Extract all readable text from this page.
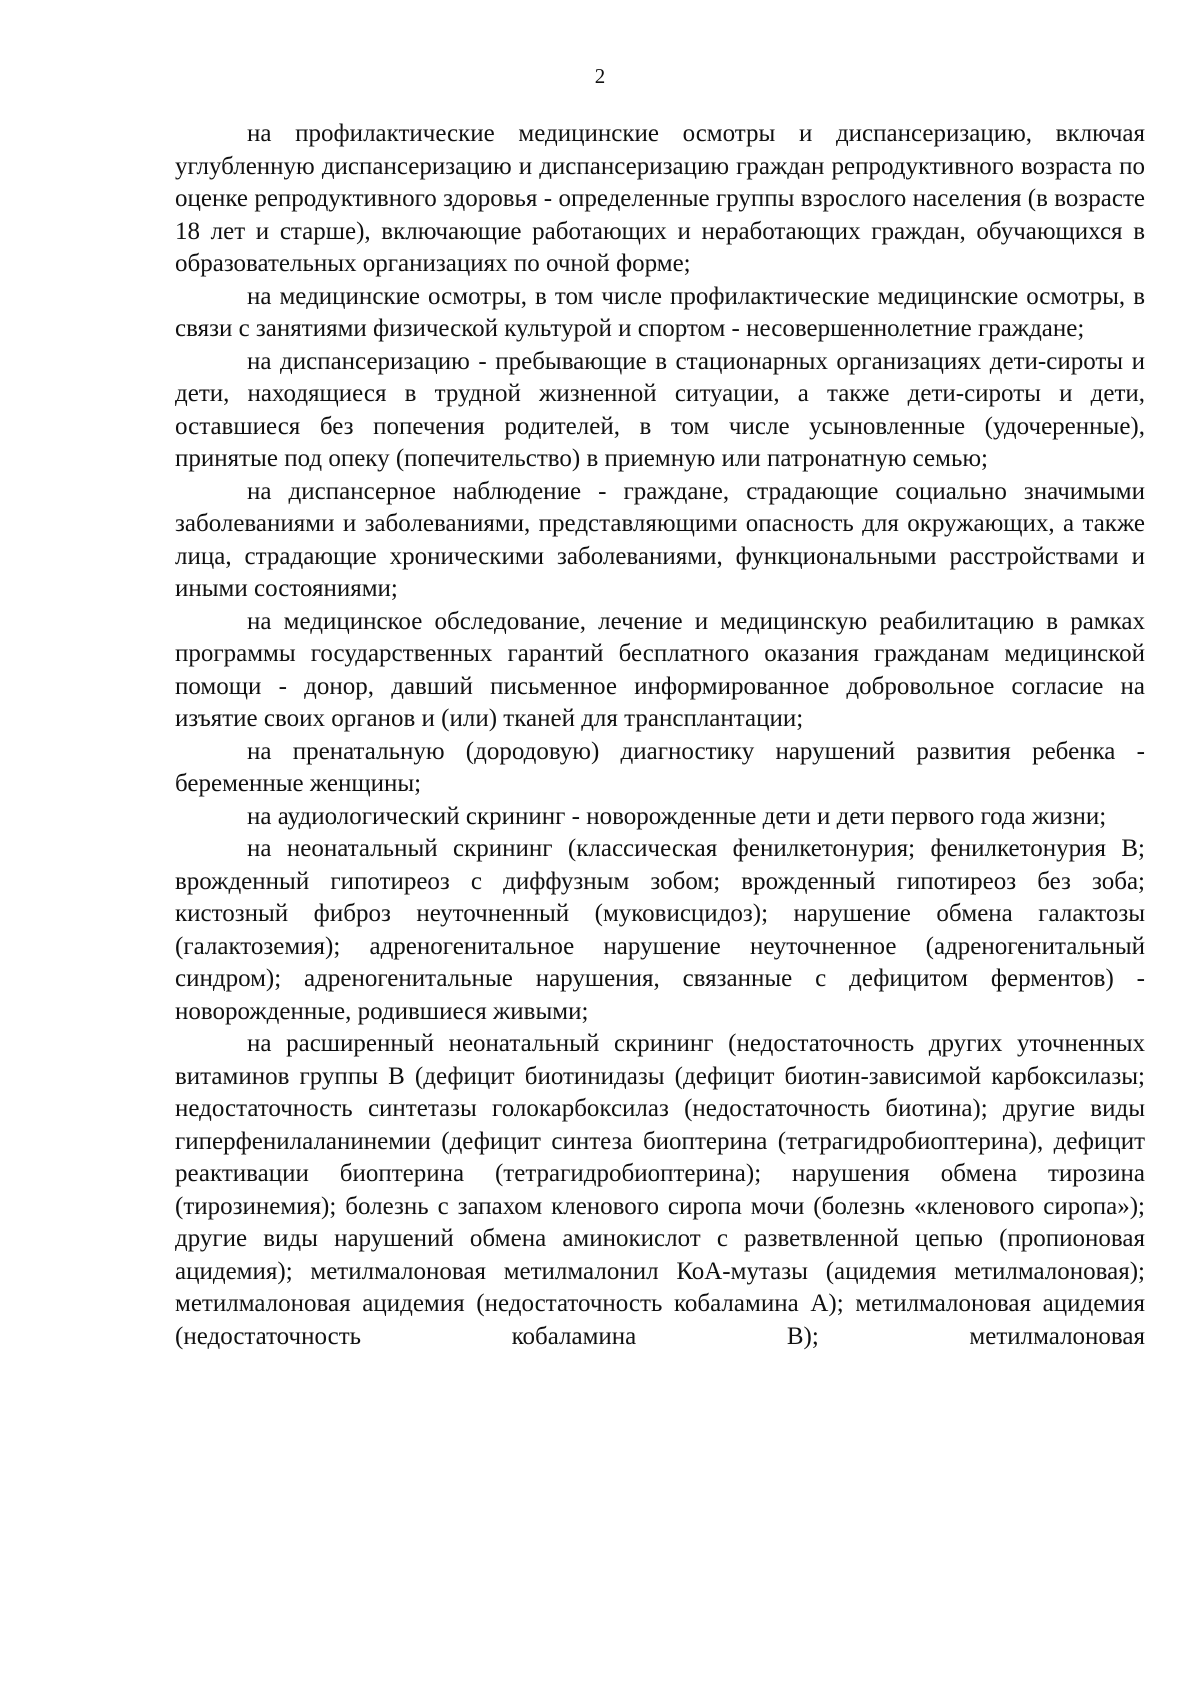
2

на профилактические медицинские осмотры и диспансеризацию, включая углубленную диспансеризацию и диспансеризацию граждан репродуктивного возраста по оценке репродуктивного здоровья - определенные группы взрослого населения (в возрасте 18 лет и старше), включающие работающих и неработающих граждан, обучающихся в образовательных организациях по очной форме;

на медицинские осмотры, в том числе профилактические медицинские осмотры, в связи с занятиями физической культурой и спортом - несовершеннолетние граждане;

на диспансеризацию - пребывающие в стационарных организациях дети-сироты и дети, находящиеся в трудной жизненной ситуации, а также дети-сироты и дети, оставшиеся без попечения родителей, в том числе усыновленные (удочеренные), принятые под опеку (попечительство) в приемную или патронатную семью;

на диспансерное наблюдение - граждане, страдающие социально значимыми заболеваниями и заболеваниями, представляющими опасность для окружающих, а также лица, страдающие хроническими заболеваниями, функциональными расстройствами и иными состояниями;

на медицинское обследование, лечение и медицинскую реабилитацию в рамках программы государственных гарантий бесплатного оказания гражданам медицинской помощи - донор, давший письменное информированное добровольное согласие на изъятие своих органов и (или) тканей для трансплантации;

на пренатальную (дородовую) диагностику нарушений развития ребенка - беременные женщины;

на аудиологический скрининг - новорожденные дети и дети первого года жизни;

на неонатальный скрининг (классическая фенилкетонурия; фенилкетонурия B; врожденный гипотиреоз с диффузным зобом; врожденный гипотиреоз без зоба; кистозный фиброз неуточненный (муковисцидоз); нарушение обмена галактозы (галактоземия); адреногенитальное нарушение неуточненное (адреногенитальный синдром); адреногенитальные нарушения, связанные с дефицитом ферментов) - новорожденные, родившиеся живыми;

на расширенный неонатальный скрининг (недостаточность других уточненных витаминов группы B (дефицит биотинидазы (дефицит биотин-зависимой карбоксилазы; недостаточность синтетазы голокарбоксилаз (недостаточность биотина); другие виды гиперфенилаланинемии (дефицит синтеза биоптерина (тетрагидробиоптерина), дефицит реактивации биоптерина (тетрагидробиоптерина); нарушения обмена тирозина (тирозинемия); болезнь с запахом кленового сиропа мочи (болезнь «кленового сиропа»); другие виды нарушений обмена аминокислот с разветвленной цепью (пропионовая ацидемия); метилмалоновая метилмалонил КоА-мутазы (ацидемия метилмалоновая); метилмалоновая ацидемия (недостаточность кобаламина A); метилмалоновая ацидемия (недостаточность кобаламина B); метилмалоновая
